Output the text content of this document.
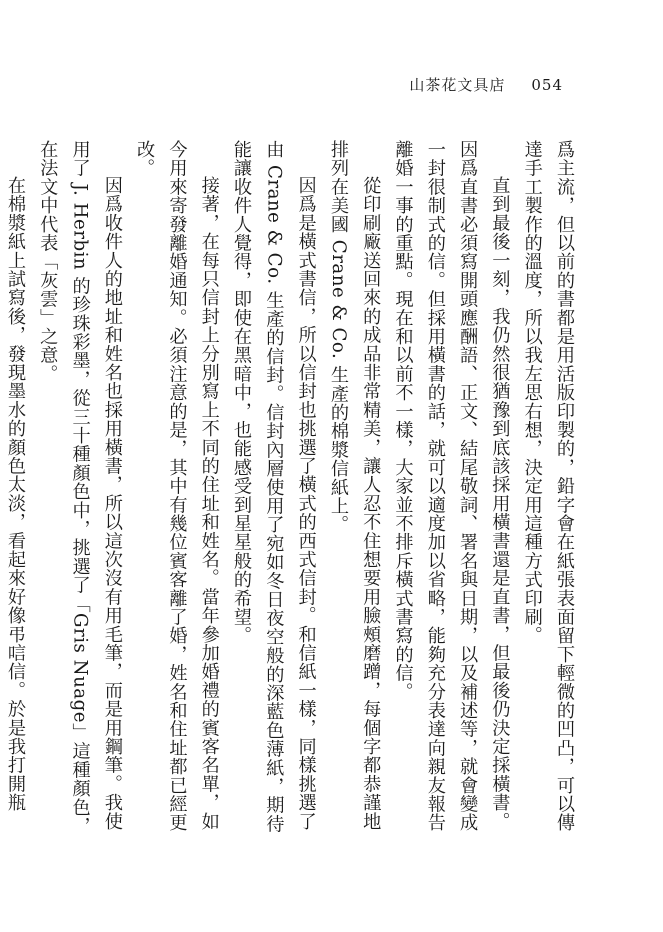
山茶花文具店 054

爲主流，但以前的書都是用活版印製的，鉛字會在紙張表面留下輕微的凹凸，可以傳達手工製作的溫度，所以我左思右想，決定用這種方式印刷。

直到最後一刻，我仍然很猶豫到底該採用橫書還是直書，但最後仍決定採橫書。因爲直書必須寫開頭應酬語、正文、結尾敬詞、署名與日期，以及補述等，就會變成一封很制式的信。但採用橫書的話，就可以適度加以省略，能夠充分表達向親友報告離婚一事的重點。現在和以前不一樣，大家並不排斥橫式書寫的信。

從印刷廠送回來的成品非常精美，讓人忍不住想要用臉頰磨蹭，每個字都恭謹地排列在美國 Crane & Co. 生產的棉漿信紙上。

因爲是橫式書信，所以信封也挑選了橫式的西式信封。和信紙一樣，同樣挑選了由 Crane & Co. 生產的信封。信封內層使用了宛如冬日夜空般的深藍色薄紙，期待能讓收件人覺得，即使在黑暗中，也能感受到星星般的希望。

接著，在每只信封上分別寫上不同的住址和姓名。當年參加婚禮的賓客名單，如今用來寄發離婚通知。必須注意的是，其中有幾位賓客離了婚，姓名和住址都已經更改。

因爲收件人的地址和姓名也採用橫書，所以這次沒有用毛筆，而是用鋼筆。我使用了 J. Herbin 的珍珠彩墨，從三十種顏色中，挑選了「Gris Nuage」這種顏色，在法文中代表「灰雲」之意。

在棉漿紙上試寫後，發現墨水的顏色太淡，看起來好像弔唁信。於是我打開瓶
